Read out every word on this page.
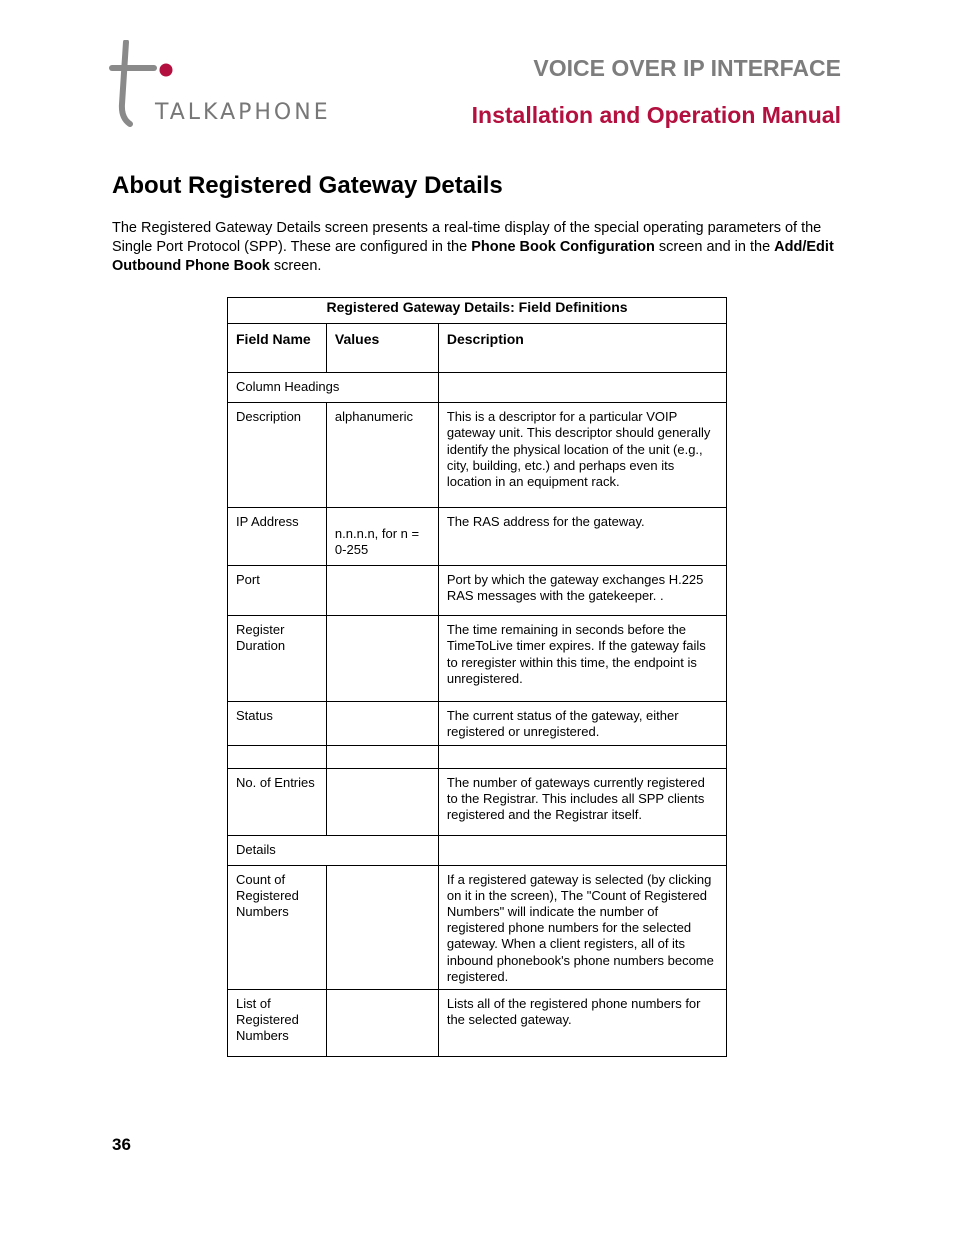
TALKAPHONE
VOICE OVER IP INTERFACE
Installation and Operation Manual
About Registered Gateway Details

The Registered Gateway Details screen presents a real-time display of the special operating parameters of the Single Port Protocol (SPP). These are configured in the Phone Book Configuration screen and in the Add/Edit Outbound Phone Book screen.

Registered Gateway Details: Field Definitions		
Field Name	Values	Description
Column Headings		
Description	alphanumeric	This is a descriptor for a particular VOIP gateway unit. This descriptor should generally identify the physical location of the unit (e.g., city, building, etc.) and perhaps even its location in an equipment rack.
IP Address	n.n.n.n, for n = 0-255	The RAS address for the gateway.
Port		Port by which the gateway exchanges H.225 RAS messages with the gatekeeper. .
Register Duration		The time remaining in seconds before the TimeToLive timer expires. If the gateway fails to reregister within this time, the endpoint is unregistered.
Status		The current status of the gateway, either registered or unregistered.

No. of Entries		The number of gateways currently registered to the Registrar. This includes all SPP clients registered and the Registrar itself.
Details		
Count of Registered Numbers		If a registered gateway is selected (by clicking on it in the screen), The "Count of Registered Numbers" will indicate the number of registered phone numbers for the selected gateway. When a client registers, all of its inbound phonebook's phone numbers become registered.
List of Registered Numbers		Lists all of the registered phone numbers for the selected gateway.
36
